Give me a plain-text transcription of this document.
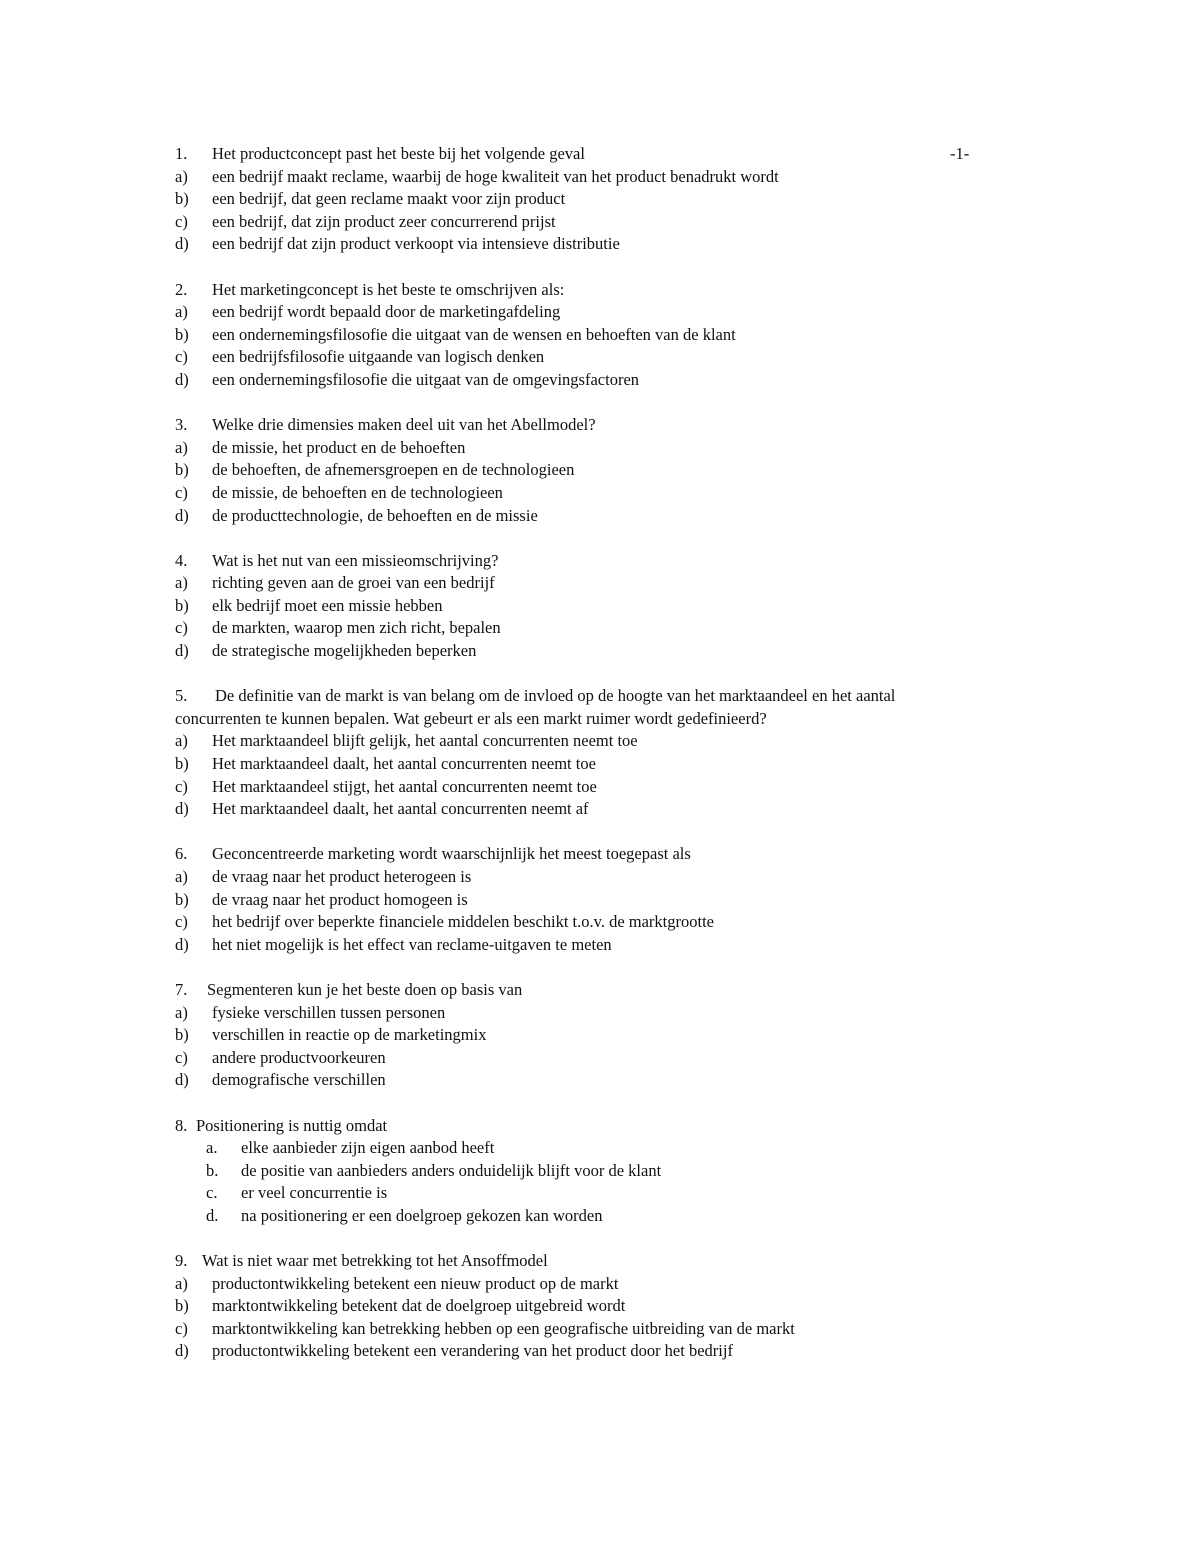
-1-
1. Het productconcept past het beste bij het volgende geval
a) een bedrijf maakt reclame, waarbij de hoge kwaliteit van het product benadrukt wordt
b) een bedrijf, dat geen reclame maakt voor zijn product
c) een bedrijf, dat zijn product zeer concurrerend prijst
d) een bedrijf dat zijn product verkoopt via intensieve distributie
2. Het marketingconcept is het beste te omschrijven als:
a) een bedrijf wordt bepaald door de marketingafdeling
b) een ondernemingsfilosofie die uitgaat van de wensen en behoeften van de klant
c) een bedrijfsfilosofie uitgaande van logisch denken
d) een ondernemingsfilosofie die uitgaat van de omgevingsfactoren
3. Welke drie dimensies maken deel uit van het Abellmodel?
a) de missie, het product en de behoeften
b) de behoeften, de afnemersgroepen en de technologieen
c) de missie, de behoeften en de technologieen
d) de producttechnologie, de behoeften en de missie
4. Wat is het nut van een missieomschrijving?
a) richting geven aan de groei van een bedrijf
b) elk bedrijf moet een missie hebben
c) de markten, waarop men zich richt, bepalen
d) de strategische mogelijkheden beperken
5. De definitie van de markt is van belang om de invloed op de hoogte van het marktaandeel en het aantal concurrenten te kunnen bepalen. Wat gebeurt er als een markt ruimer wordt gedefinieerd?
a) Het marktaandeel blijft gelijk, het aantal concurrenten neemt toe
b) Het marktaandeel daalt, het aantal concurrenten neemt toe
c) Het marktaandeel stijgt, het aantal concurrenten neemt toe
d) Het marktaandeel daalt, het aantal concurrenten neemt af
6. Geconcentreerde marketing wordt waarschijnlijk het meest toegepast als
a) de vraag naar het product heterogeen is
b) de vraag naar het product homogeen is
c) het bedrijf over beperkte financiele middelen beschikt t.o.v. de marktgrootte
d) het niet mogelijk is het effect van reclame-uitgaven te meten
7. Segmenteren kun je het beste doen op basis van
a) fysieke verschillen tussen personen
b) verschillen in reactie op de marketingmix
c) andere productvoorkeuren
d) demografische verschillen
8. Positionering is nuttig omdat
a. elke aanbieder zijn eigen aanbod heeft
b. de positie van aanbieders anders onduidelijk blijft voor de klant
c. er veel concurrentie is
d. na positionering er een doelgroep gekozen kan worden
9. Wat is niet waar met betrekking tot het Ansoffmodel
a) productontwikkeling betekent een nieuw product op de markt
b) marktontwikkeling betekent dat de doelgroep uitgebreid wordt
c) marktontwikkeling kan betrekking hebben op een geografische uitbreiding van de markt
d) productontwikkeling betekent een verandering van het product door het bedrijf
